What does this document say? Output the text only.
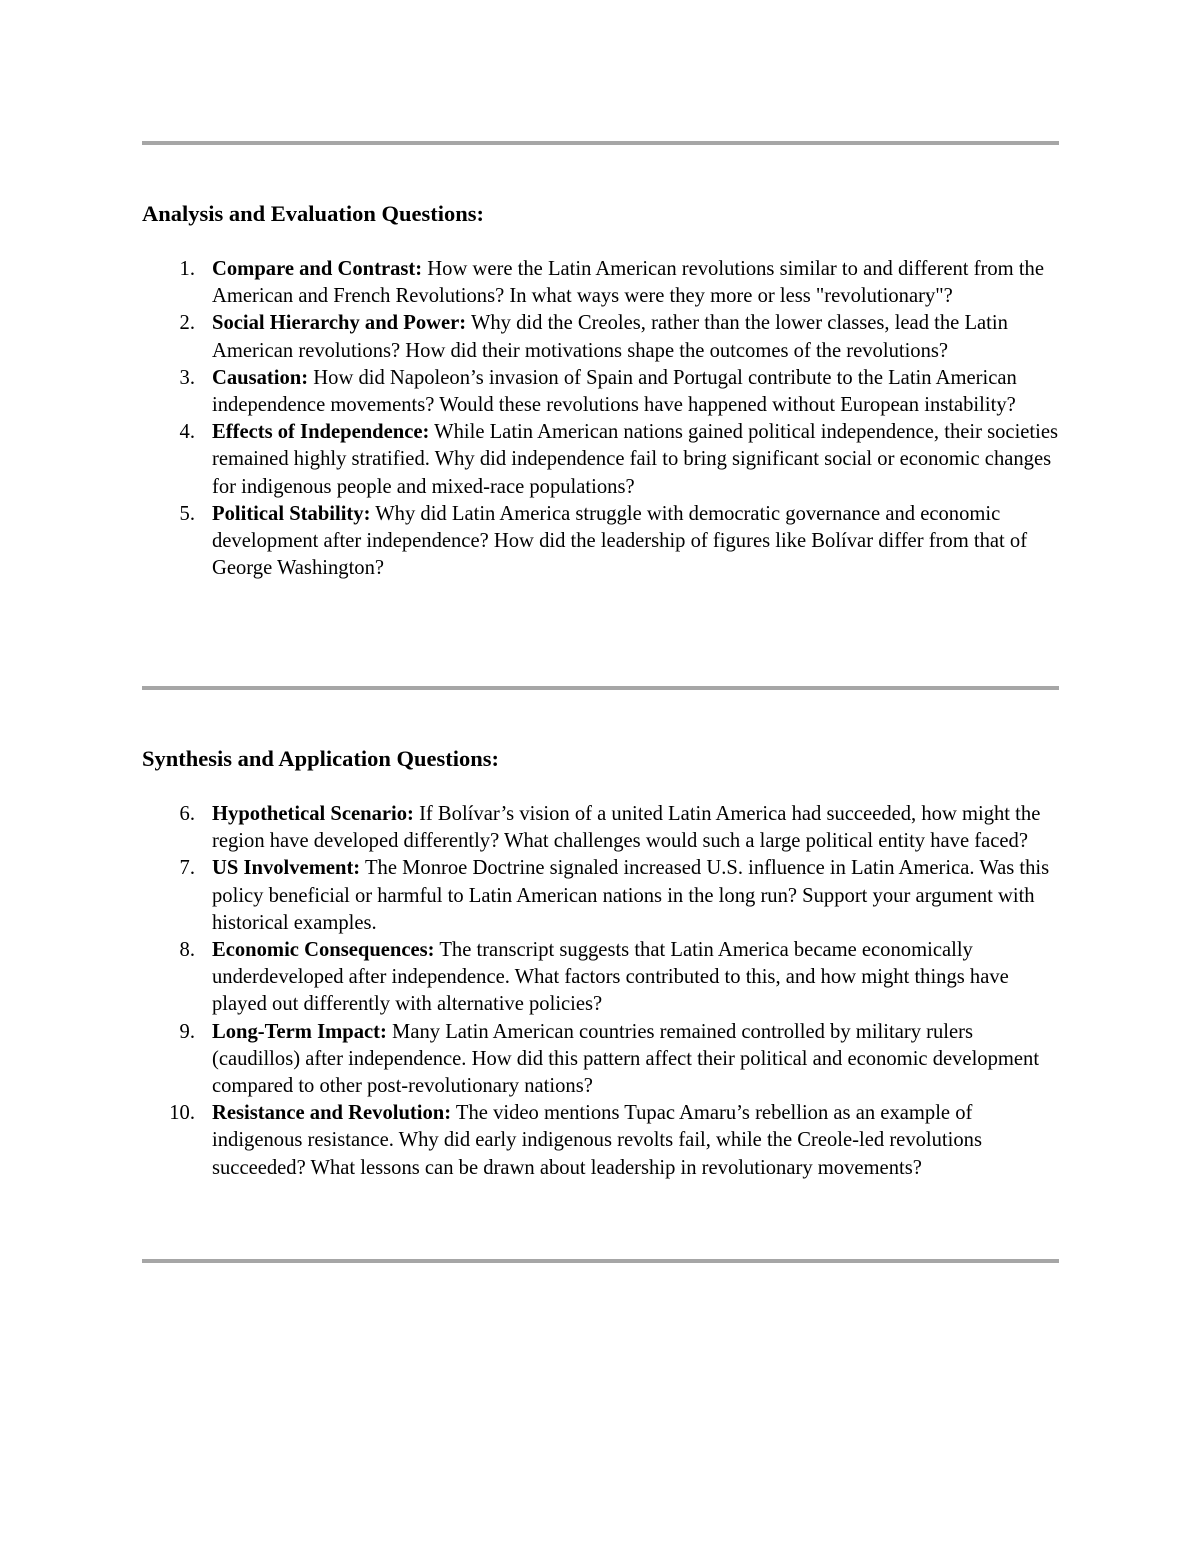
Analysis and Evaluation Questions:
1. Compare and Contrast: How were the Latin American revolutions similar to and different from the American and French Revolutions? In what ways were they more or less "revolutionary"?
2. Social Hierarchy and Power: Why did the Creoles, rather than the lower classes, lead the Latin American revolutions? How did their motivations shape the outcomes of the revolutions?
3. Causation: How did Napoleon’s invasion of Spain and Portugal contribute to the Latin American independence movements? Would these revolutions have happened without European instability?
4. Effects of Independence: While Latin American nations gained political independence, their societies remained highly stratified. Why did independence fail to bring significant social or economic changes for indigenous people and mixed-race populations?
5. Political Stability: Why did Latin America struggle with democratic governance and economic development after independence? How did the leadership of figures like Bolívar differ from that of George Washington?
Synthesis and Application Questions:
6. Hypothetical Scenario: If Bolívar’s vision of a united Latin America had succeeded, how might the region have developed differently? What challenges would such a large political entity have faced?
7. US Involvement: The Monroe Doctrine signaled increased U.S. influence in Latin America. Was this policy beneficial or harmful to Latin American nations in the long run? Support your argument with historical examples.
8. Economic Consequences: The transcript suggests that Latin America became economically underdeveloped after independence. What factors contributed to this, and how might things have played out differently with alternative policies?
9. Long-Term Impact: Many Latin American countries remained controlled by military rulers (caudillos) after independence. How did this pattern affect their political and economic development compared to other post-revolutionary nations?
10. Resistance and Revolution: The video mentions Tupac Amaru’s rebellion as an example of indigenous resistance. Why did early indigenous revolts fail, while the Creole-led revolutions succeeded? What lessons can be drawn about leadership in revolutionary movements?
